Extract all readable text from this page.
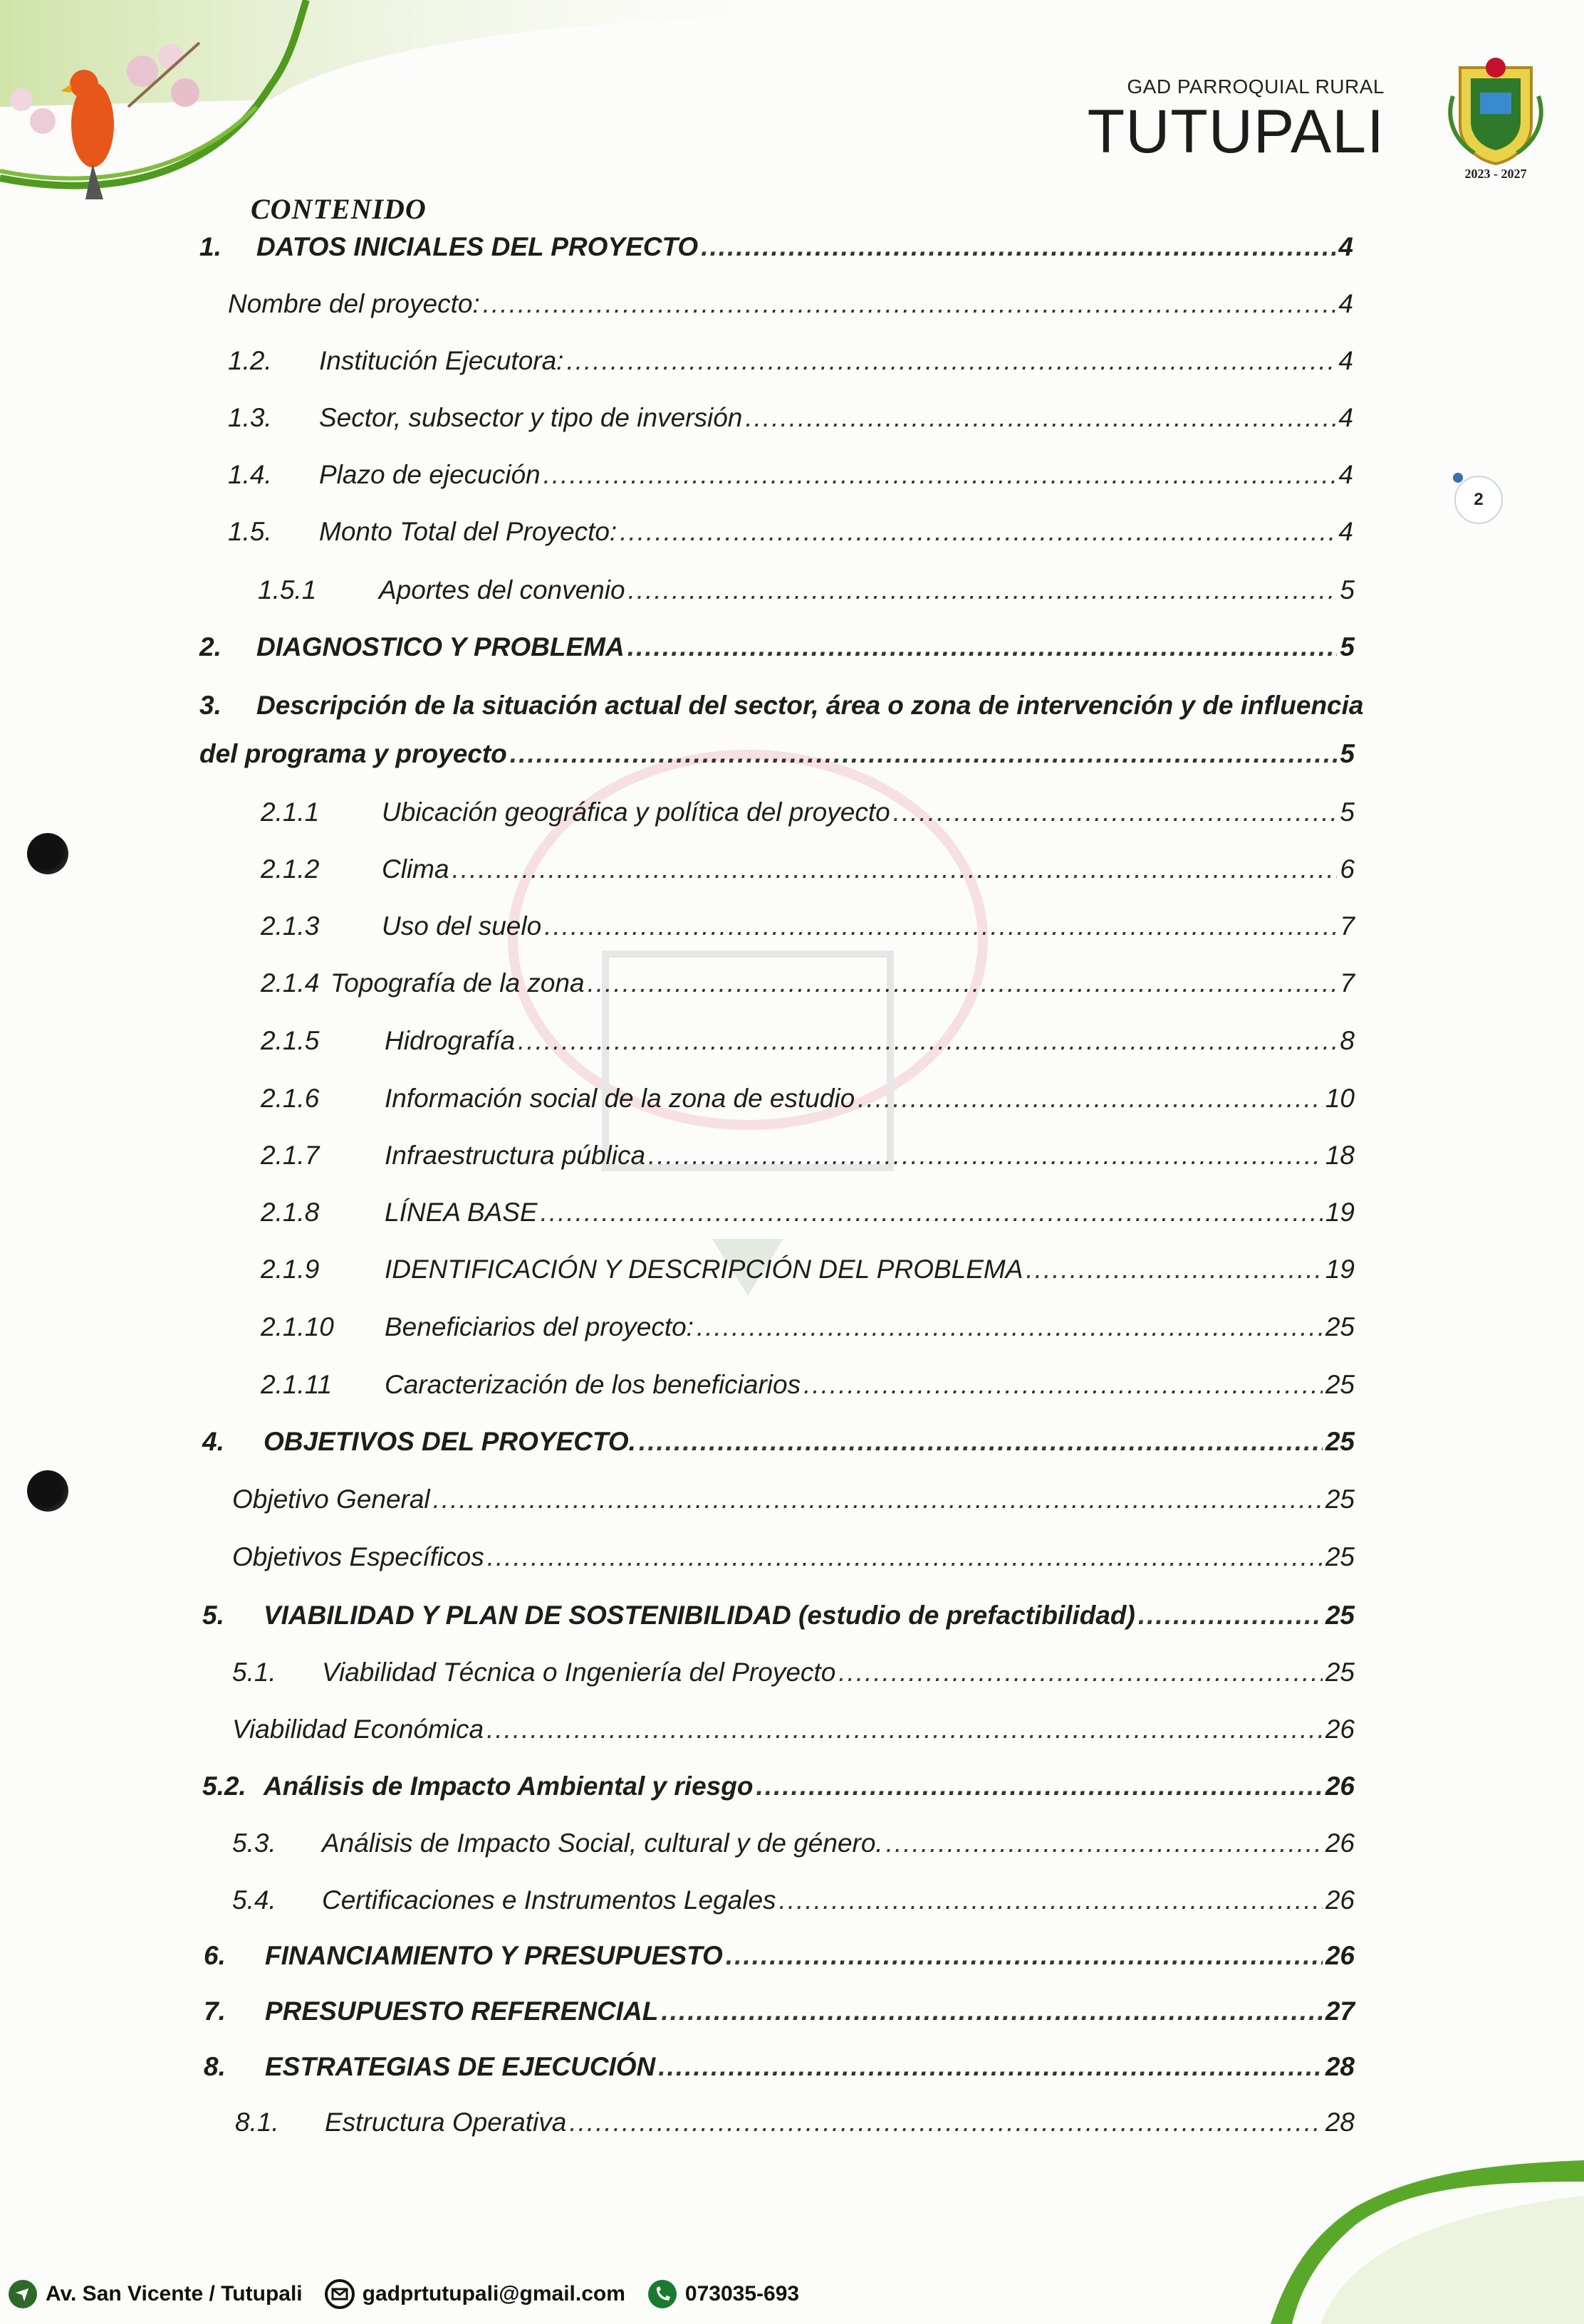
GAD PARROQUIAL RURAL
TUTUPALI
2023 - 2027
2
CONTENIDO
1.	DATOS INICIALES DEL PROYECTO .....	4
Nombre del proyecto: .....	4
1.2.	Institución Ejecutora: .....	4
1.3.	Sector, subsector y tipo de inversión .....	4
1.4.	Plazo de ejecución .....	4
1.5.	Monto Total del Proyecto: .....	4
1.5.1	Aportes del convenio .....	5
2.	DIAGNOSTICO Y PROBLEMA .....	5
3. Descripción de la situación actual del sector, área o zona de intervención y de influencia
del programa y proyecto .....	5
2.1.1	Ubicación geográfica y política del proyecto .....	5
2.1.2	Clima .....	6
2.1.3	Uso del suelo .....	7
2.1.4 Topografía de la zona .....	7
2.1.5	Hidrografía .....	8
2.1.6	Información social de la zona de estudio .....	10
2.1.7	Infraestructura pública .....	18
2.1.8	LÍNEA BASE .....	19
2.1.9	IDENTIFICACIÓN Y DESCRIPCIÓN DEL PROBLEMA .....	19
2.1.10	Beneficiarios del proyecto: .....	25
2.1.11	Caracterización de los beneficiarios .....	25
4.	OBJETIVOS DEL PROYECTO. .....	25
Objetivo General .....	25
Objetivos Específicos .....	25
5.	VIABILIDAD Y PLAN DE SOSTENIBILIDAD (estudio de prefactibilidad) .....	25
5.1.	Viabilidad Técnica o Ingeniería del Proyecto .....	25
Viabilidad Económica .....	26
5.2. Análisis de Impacto Ambiental y riesgo .....	26
5.3.	Análisis de Impacto Social, cultural y de género. .....	26
5.4.	Certificaciones e Instrumentos Legales .....	26
6.	FINANCIAMIENTO Y PRESUPUESTO .....	26
7.	PRESUPUESTO REFERENCIAL .....	27
8.	ESTRATEGIAS DE EJECUCIÓN .....	28
8.1.	Estructura Operativa .....	28
Av. San Vicente / Tutupali	gadprtutupali@gmail.com	073035-693
